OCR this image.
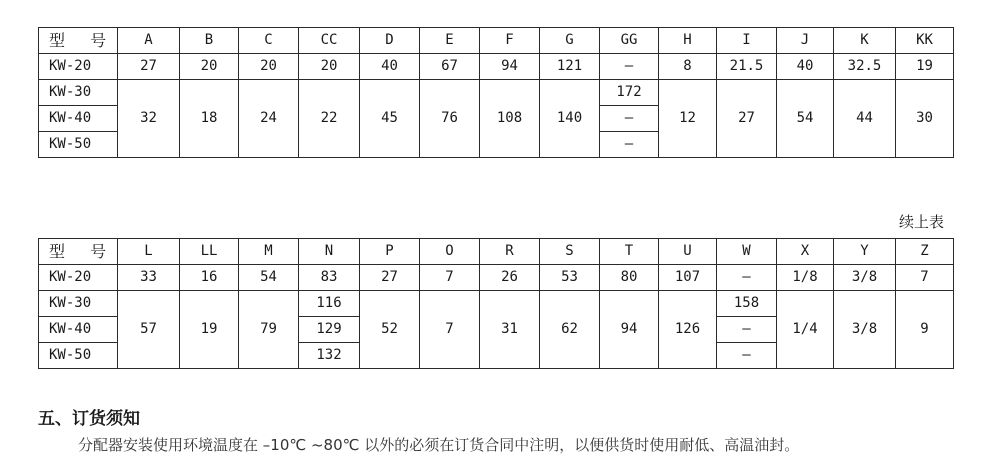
型 号	A	B	C	CC	D	E	F	G	GG	H	I	J	K	KK
KW-20	27	20	20	20	40	67	94	121	–	8	21.5	40	32.5	19
KW-30	32	18	24	22	45	76	108	140	172	12	27	54	44	30
KW-40									–					
KW-50									–					
续上表
型 号	L	LL	M	N	P	O	R	S	T	U	W	X	Y	Z
KW-20	33	16	54	83	27	7	26	53	80	107	–	1/8	3/8	7
KW-30	57	19	79	116	52	7	31	62	94	126	158	1/4	3/8	9
KW-40				129							–			
KW-50				132							–			
五、订货须知
分配器安装使用环境温度在 –10℃ ~80℃ 以外的必须在订货合同中注明，以便供货时使用耐低、高温油封。
